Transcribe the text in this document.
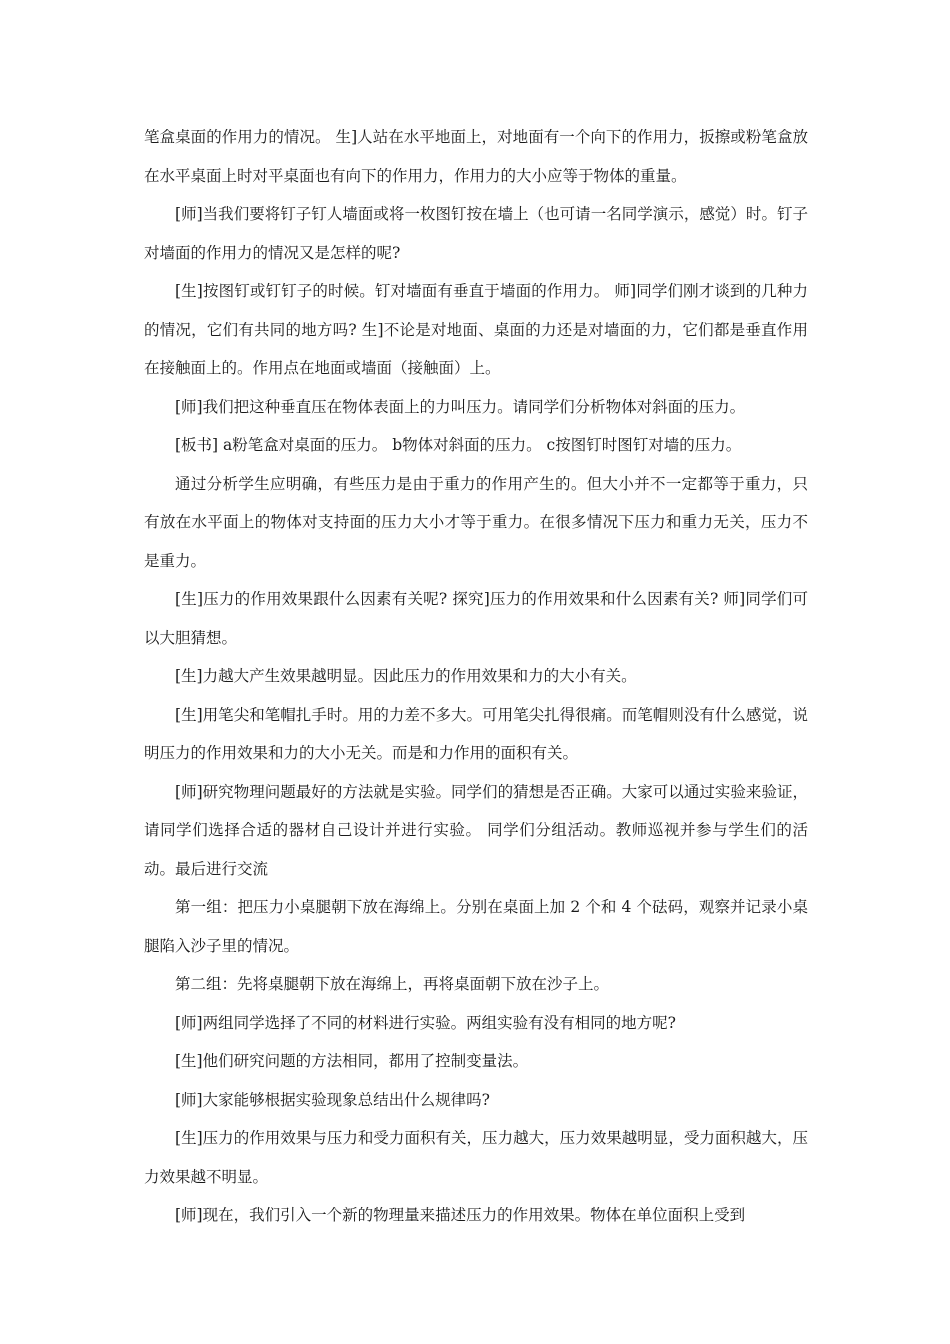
笔盒桌面的作用力的情况。 生]人站在水平地面上，对地面有一个向下的作用力，扳擦或粉笔盒放在水平桌面上时对平桌面也有向下的作用力，作用力的大小应等于物体的重量。

[师]当我们要将钉子钉人墙面或将一枚图钉按在墙上（也可请一名同学演示，感觉）时。钉子对墙面的作用力的情况又是怎样的呢?

[生]按图钉或钉钉子的时候。钉对墙面有垂直于墙面的作用力。 师]同学们刚才谈到的几种力的情况，它们有共同的地方吗? 生]不论是对地面、桌面的力还是对墙面的力，它们都是垂直作用在接触面上的。作用点在地面或墙面（接触面）上。

[师]我们把这种垂直压在物体表面上的力叫压力。请同学们分析物体对斜面的压力。

[板书] a粉笔盒对桌面的压力。 b物体对斜面的压力。 c按图钉时图钉对墙的压力。

通过分析学生应明确，有些压力是由于重力的作用产生的。但大小并不一定都等于重力，只有放在水平面上的物体对支持面的压力大小才等于重力。在很多情况下压力和重力无关，压力不是重力。

[生]压力的作用效果跟什么因素有关呢? 探究]压力的作用效果和什么因素有关? 师]同学们可以大胆猜想。

[生]力越大产生效果越明显。因此压力的作用效果和力的大小有关。

[生]用笔尖和笔帽扎手时。用的力差不多大。可用笔尖扎得很痛。而笔帽则没有什么感觉，说明压力的作用效果和力的大小无关。而是和力作用的面积有关。

[师]研究物理问题最好的方法就是实验。同学们的猜想是否正确。大家可以通过实验来验证，请同学们选择合适的器材自己设计并进行实验。 同学们分组活动。教师巡视并参与学生们的活动。最后进行交流

第一组：把压力小桌腿朝下放在海绵上。分别在桌面上加 2 个和 4 个砝码，观察并记录小桌腿陷入沙子里的情况。

第二组：先将桌腿朝下放在海绵上，再将桌面朝下放在沙子上。

[师]两组同学选择了不同的材料进行实验。两组实验有没有相同的地方呢?

[生]他们研究问题的方法相同，都用了控制变量法。

[师]大家能够根据实验现象总结出什么规律吗?

[生]压力的作用效果与压力和受力面积有关，压力越大，压力效果越明显，受力面积越大，压力效果越不明显。

[师]现在，我们引入一个新的物理量来描述压力的作用效果。物体在单位面积上受到
